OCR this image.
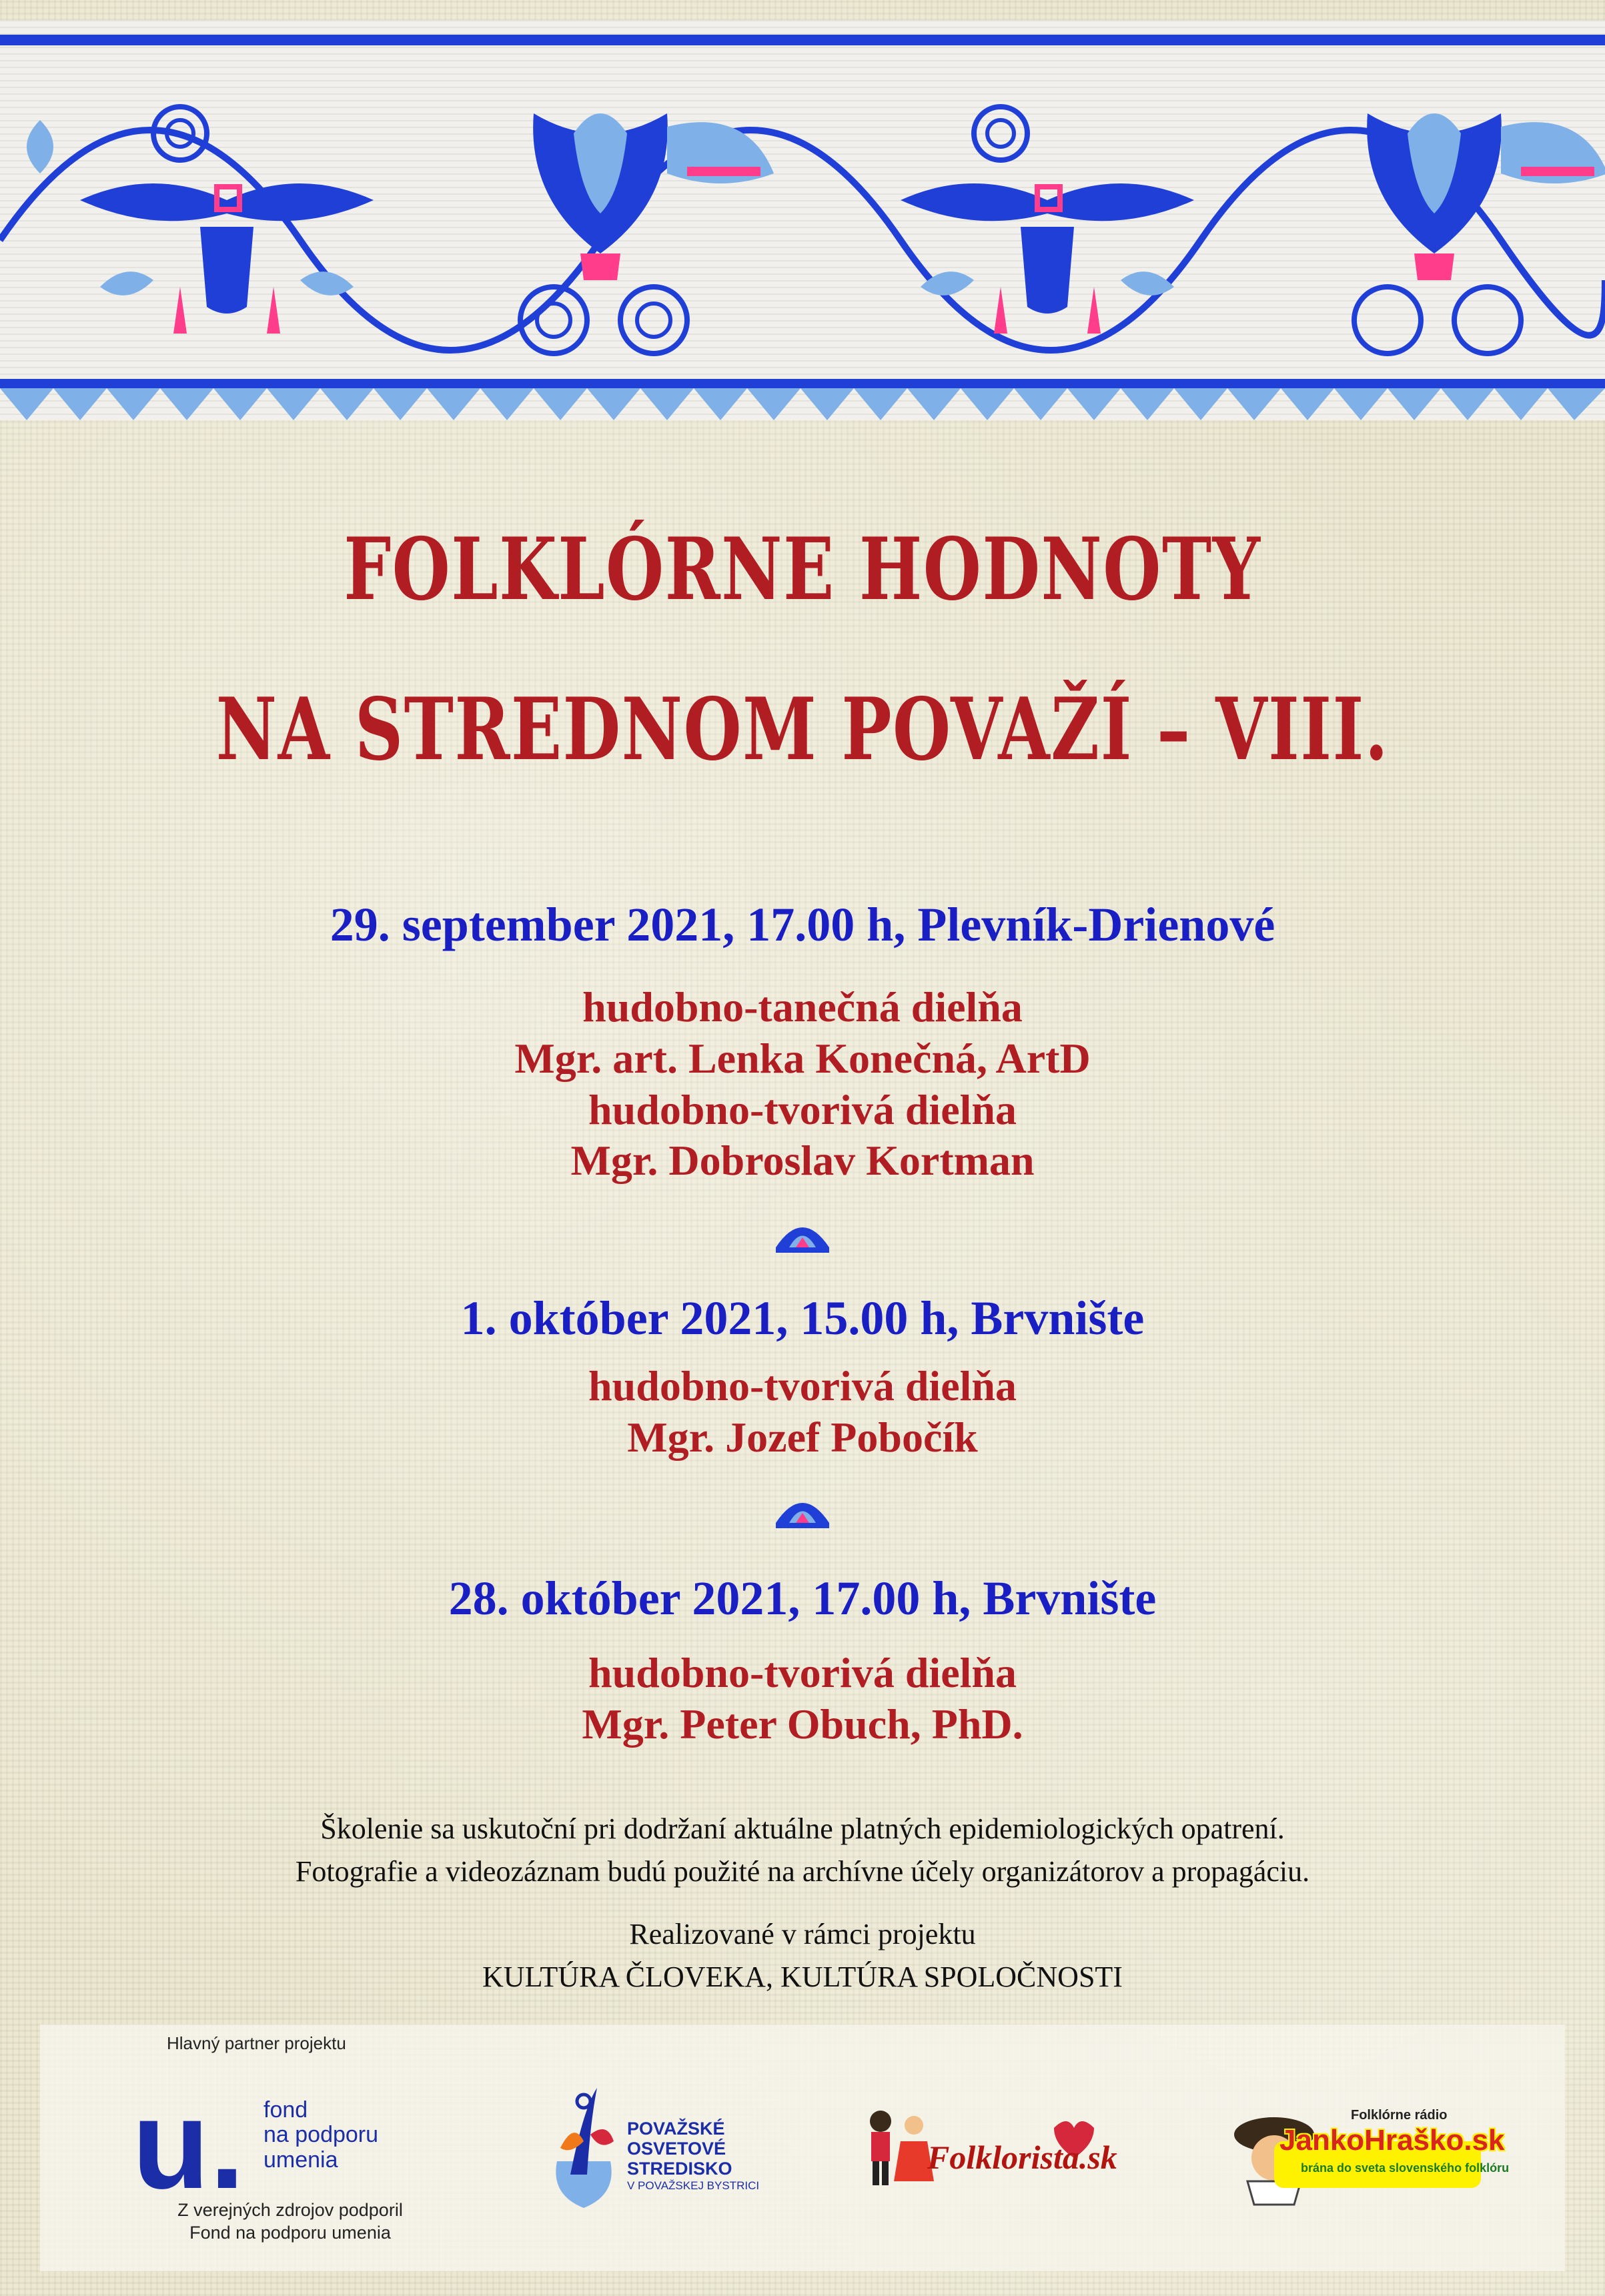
FOLKLÓRNE HODNOTY
NA STREDNOM POVAŽÍ – VIII.

29. september 2021, 17.00 h, Plevník-Drienové

hudobno-tanečná dielňa

Mgr. art. Lenka Konečná, ArtD

hudobno-tvorivá dielňa

Mgr. Dobroslav Kortman

1. október 2021, 15.00 h, Brvnište

hudobno-tvorivá dielňa

Mgr. Jozef Pobočík

28. október 2021, 17.00 h, Brvnište

hudobno-tvorivá dielňa

Mgr. Peter Obuch, PhD.

Školenie sa uskutoční pri dodržaní aktuálne platných epidemiologických opatrení.

Fotografie a videozáznam budú použité na archívne účely organizátorov a propagáciu.

Realizované v rámci projektu

KULTÚRA ČLOVEKA, KULTÚRA SPOLOČNOSTI

Hlavný partner projektu
u. fond
na podporu
umenia
Z verejných zdrojov podporil
Fond na podporu umenia
POVAŽSKÉ
OSVETOVÉ
STREDISKO
V POVAŽSKEJ BYSTRICI
Folklorista.sk
Folklórne rádio
JankoHraško.sk
brána do sveta slovenského folklóru
